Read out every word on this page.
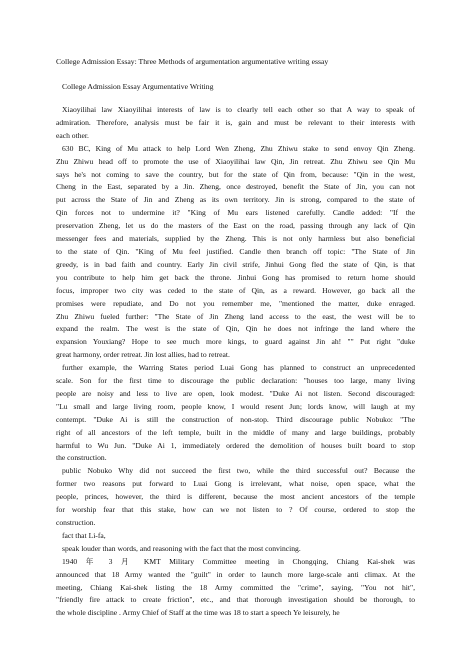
College Admission Essay: Three Methods of argumentation argumentative writing essay
College Admission Essay Argumentative Writing
Xiaoyilihai law Xiaoyilihai interests of law is to clearly tell each other so that A way to speak of
admiration. Therefore, analysis must be fair it is, gain and must be relevant to their interests with
each other.
630 BC, King of Mu attack to help Lord Wen Zheng, Zhu Zhiwu stake to send envoy Qin Zheng.
Zhu Zhiwu head off to promote the use of Xiaoyilihai law Qin, Jin retreat. Zhu Zhiwu see Qin Mu
says he's not coming to save the country, but for the state of Qin from, because: "Qin in the west,
Cheng in the East, separated by a Jin. Zheng, once destroyed, benefit the State of Jin, you can not
put across the State of Jin and Zheng as its own territory. Jin is strong, compared to the state of
Qin forces not to undermine it? "King of Mu ears listened carefully. Candle added: "If the
preservation Zheng, let us do the masters of the East on the road, passing through any lack of Qin
messenger fees and materials, supplied by the Zheng. This is not only harmless but also beneficial
to the state of Qin. "King of Mu feel justified. Candle then branch off topic: "The State of Jin
greedy, is in bad faith and country. Early Jin civil strife, Jinhui Gong fled the state of Qin, is that
you contribute to help him get back the throne. Jinhui Gong has promised to return home should
focus, improper two city was ceded to the state of Qin, as a reward. However, go back all the
promises were repudiate, and Do not you remember me, "mentioned the matter, duke enraged.
Zhu Zhiwu fueled further: "The State of Jin Zheng land access to the east, the west will be to
expand the realm. The west is the state of Qin, Qin he does not infringe the land where the
expansion Youxiang? Hope to see much more kings, to guard against Jin ah! "" Put right "duke
great harmony, order retreat. Jin lost allies, had to retreat.
further example, the Warring States period Luai Gong has planned to construct an unprecedented
scale. Son for the first time to discourage the public declaration: "houses too large, many living
people are noisy and less to live are open, look modest. "Duke Ai not listen. Second discouraged:
"Lu small and large living room, people know, I would resent Jun; lords know, will laugh at my
contempt. "Duke Ai is still the construction of non-stop. Third discourage public Nobuko: "The
right of all ancestors of the left temple, built in the middle of many and large buildings, probably
harmful to Wu Jun. "Duke Ai 1, immediately ordered the demolition of houses built board to stop
the construction.
public Nobuko Why did not succeed the first two, while the third successful out? Because the
former two reasons put forward to Luai Gong is irrelevant, what noise, open space, what the
people, princes, however, the third is different, because the most ancient ancestors of the temple
for worship fear that this stake, how can we not listen to ? Of course, ordered to stop the
construction.
fact that Li-fa,
speak louder than words, and reasoning with the fact that the most convincing.
1940 年 3 月 KMT Military Committee meeting in Chongqing, Chiang Kai-shek was
announced that 18 Army wanted the "guilt" in order to launch more large-scale anti climax. At the
meeting, Chiang Kai-shek listing the 18 Army committed the "crime", saying, "You not hit",
"friendly fire attack to create friction", etc., and that thorough investigation should be thorough, to
the whole discipline . Army Chief of Staff at the time was 18 to start a speech Ye leisurely, he
